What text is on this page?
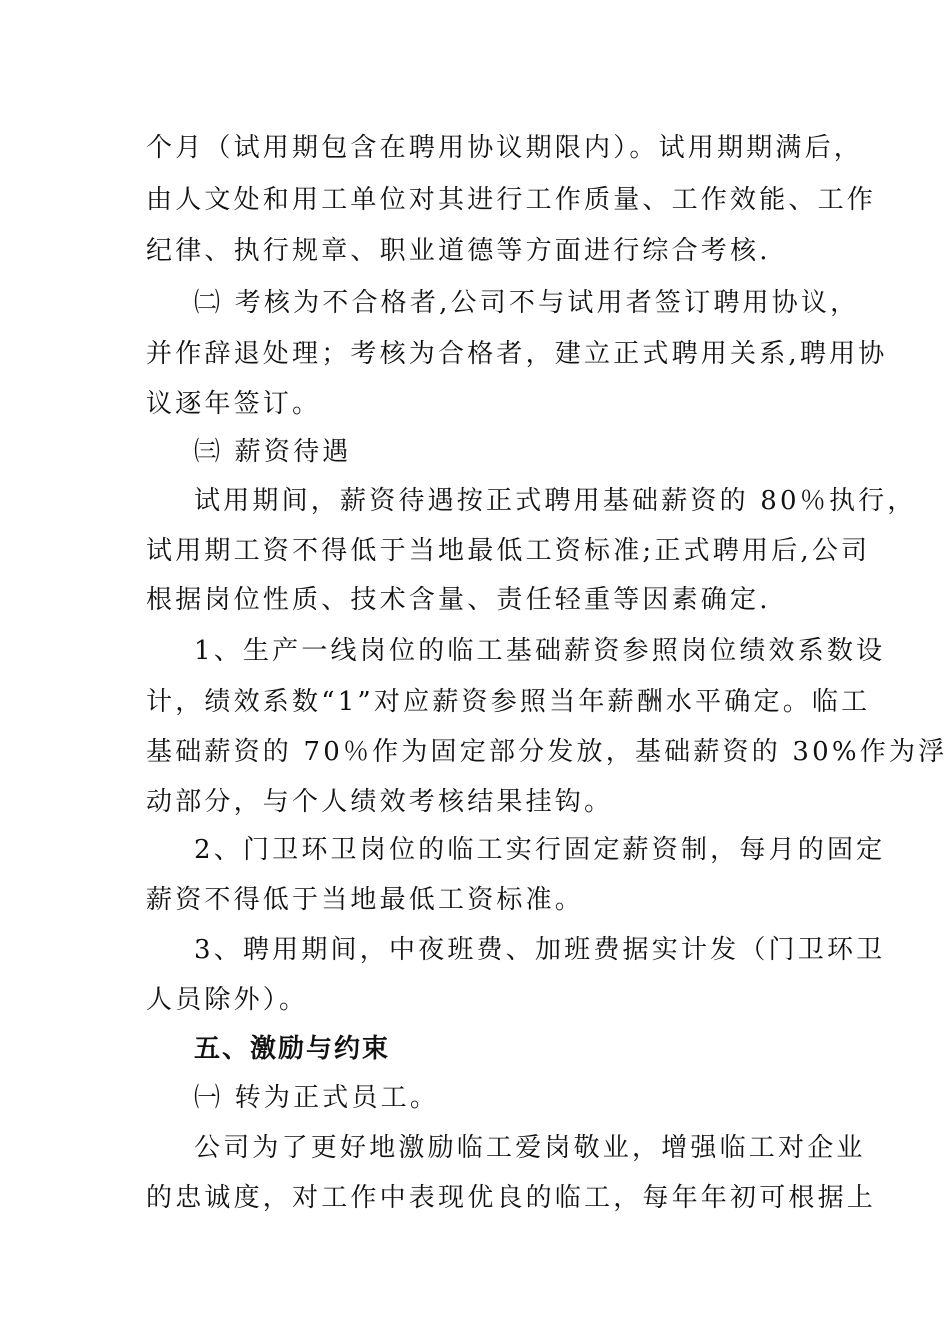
个月（试用期包含在聘用协议期限内）。试用期期满后，
由人文处和用工单位对其进行工作质量、工作效能、工作
纪律、执行规章、职业道德等方面进行综合考核.
㈡ 考核为不合格者,公司不与试用者签订聘用协议，
并作辞退处理；考核为合格者，建立正式聘用关系,聘用协
议逐年签订。
㈢ 薪资待遇
试用期间，薪资待遇按正式聘用基础薪资的 80％执行，
试用期工资不得低于当地最低工资标准;正式聘用后,公司
根据岗位性质、技术含量、责任轻重等因素确定.
1、生产一线岗位的临工基础薪资参照岗位绩效系数设
计，绩效系数“1”对应薪资参照当年薪酬水平确定。临工
基础薪资的 70％作为固定部分发放，基础薪资的 30%作为浮
动部分，与个人绩效考核结果挂钩。
2、门卫环卫岗位的临工实行固定薪资制，每月的固定
薪资不得低于当地最低工资标准。
3、聘用期间，中夜班费、加班费据实计发（门卫环卫
人员除外）。
五、激励与约束
㈠ 转为正式员工。
公司为了更好地激励临工爱岗敬业，增强临工对企业
的忠诚度，对工作中表现优良的临工，每年年初可根据上
